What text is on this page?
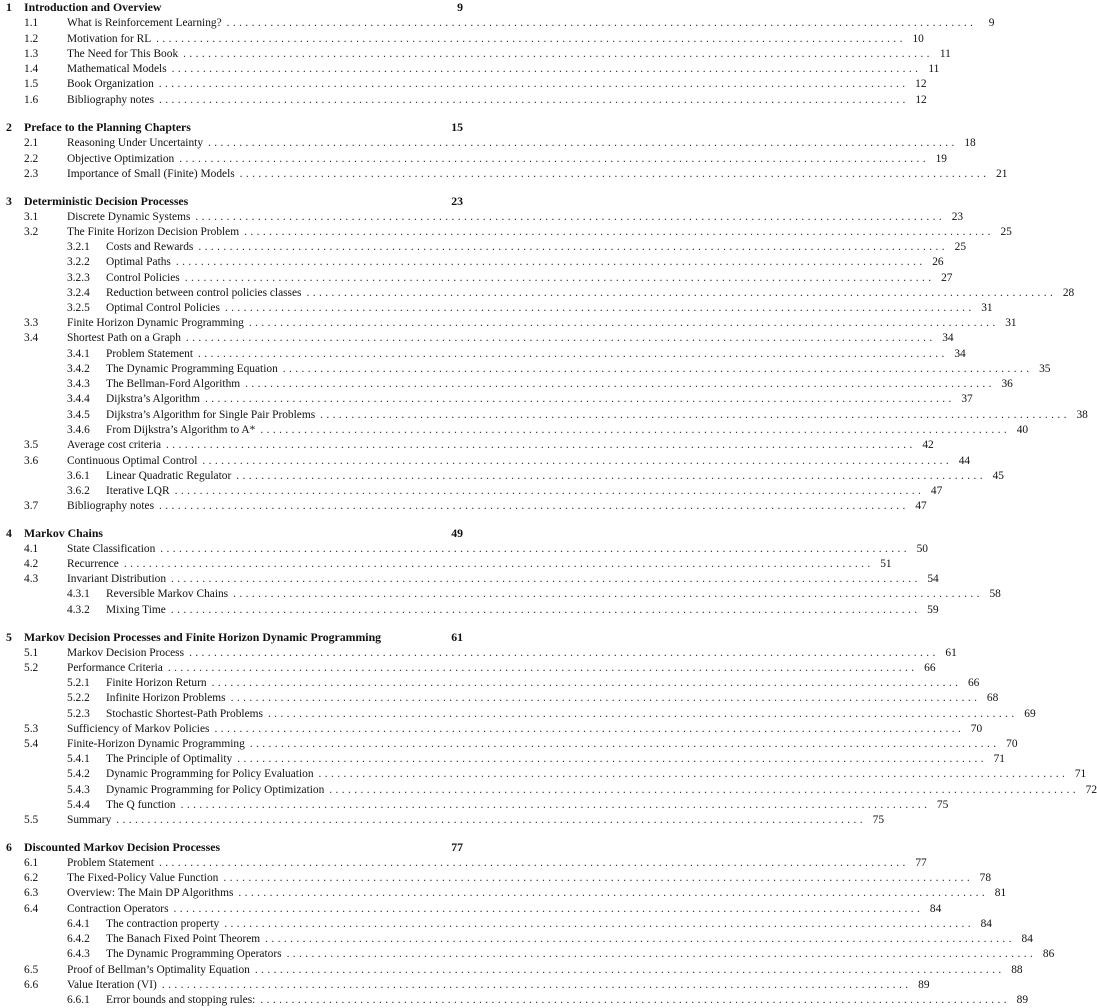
1 Introduction and Overview	9
1.1	What is Reinforcement Learning? ........................................................................................................................	9
1.2	Motivation for RL ........................................................................................................................ 10
1.3	The Need for This Book ........................................................................................................................ 11
1.4	Mathematical Models ........................................................................................................................ 11
1.5	Book Organization ........................................................................................................................ 12
1.6	Bibliography notes ........................................................................................................................ 12
2 Preface to the Planning Chapters	15
2.1	Reasoning Under Uncertainty ........................................................................................................................ 18
2.2	Objective Optimization ........................................................................................................................ 19
2.3	Importance of Small (Finite) Models ........................................................................................................................ 21
3 Deterministic Decision Processes	23
3.1	Discrete Dynamic Systems ........................................................................................................................ 23
3.2	The Finite Horizon Decision Problem ........................................................................................................................ 25
3.2.1 Costs and Rewards ........................................................................................................................ 25
3.2.2 Optimal Paths ........................................................................................................................ 26
3.2.3 Control Policies ........................................................................................................................ 27
3.2.4 Reduction between control policies classes ........................................................................................................................ 28
3.2.5 Optimal Control Policies ........................................................................................................................ 31
3.3	Finite Horizon Dynamic Programming ........................................................................................................................ 31
3.4	Shortest Path on a Graph ........................................................................................................................ 34
3.4.1 Problem Statement ........................................................................................................................ 34
3.4.2 The Dynamic Programming Equation ........................................................................................................................ 35
3.4.3 The Bellman-Ford Algorithm ........................................................................................................................ 36
3.4.4 Dijkstra’s Algorithm ........................................................................................................................ 37
3.4.5 Dijkstra’s Algorithm for Single Pair Problems ........................................................................................................................ 38
3.4.6 From Dijkstra’s Algorithm to A* ........................................................................................................................ 40
3.5	Average cost criteria ........................................................................................................................ 42
3.6	Continuous Optimal Control ........................................................................................................................ 44
3.6.1 Linear Quadratic Regulator ........................................................................................................................ 45
3.6.2 Iterative LQR ........................................................................................................................ 47
3.7	Bibliography notes ........................................................................................................................ 47
4 Markov Chains	49
4.1	State Classification ........................................................................................................................ 50
4.2	Recurrence ........................................................................................................................ 51
4.3	Invariant Distribution ........................................................................................................................ 54
4.3.1 Reversible Markov Chains ........................................................................................................................ 58
4.3.2 Mixing Time ........................................................................................................................ 59
5 Markov Decision Processes and Finite Horizon Dynamic Programming	61
5.1	Markov Decision Process ........................................................................................................................ 61
5.2	Performance Criteria ........................................................................................................................ 66
5.2.1 Finite Horizon Return ........................................................................................................................ 66
5.2.2 Infinite Horizon Problems ........................................................................................................................ 68
5.2.3 Stochastic Shortest-Path Problems ........................................................................................................................ 69
5.3	Sufficiency of Markov Policies ........................................................................................................................ 70
5.4	Finite-Horizon Dynamic Programming ........................................................................................................................ 70
5.4.1 The Principle of Optimality ........................................................................................................................ 71
5.4.2 Dynamic Programming for Policy Evaluation ........................................................................................................................ 71
5.4.3 Dynamic Programming for Policy Optimization ........................................................................................................................ 72
5.4.4 The Q function ........................................................................................................................ 75
5.5	Summary ........................................................................................................................ 75
6 Discounted Markov Decision Processes	77
6.1	Problem Statement ........................................................................................................................ 77
6.2	The Fixed-Policy Value Function ........................................................................................................................ 78
6.3	Overview: The Main DP Algorithms ........................................................................................................................ 81
6.4	Contraction Operators ........................................................................................................................ 84
6.4.1 The contraction property ........................................................................................................................ 84
6.4.2 The Banach Fixed Point Theorem ........................................................................................................................ 84
6.4.3 The Dynamic Programming Operators ........................................................................................................................ 86
6.5	Proof of Bellman’s Optimality Equation ........................................................................................................................ 88
6.6	Value Iteration (VI) ........................................................................................................................ 89
6.6.1 Error bounds and stopping rules: ........................................................................................................................ 89
